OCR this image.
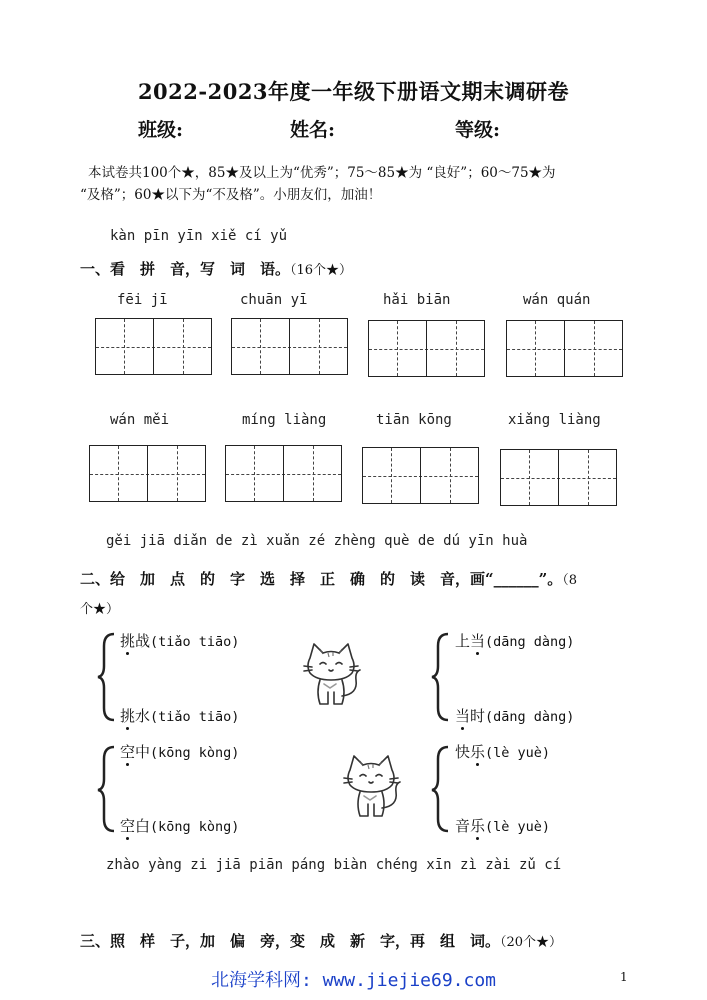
2022-2023年度一年级下册语文期末调研卷
班级:	姓名:	等级:
本试卷共100个★，85★及以上为“优秀”；75～85★为 “良好”；60～75★为
“及格”；60★以下为“不及格”。小朋友们，加油！
kàn pīn yīn xiě cí yǔ
一、看　拼　音，写　词　语。（16个★）
fēi jī	chuān yī	hǎi biān	wán quán
wán měi	míng liàng	tiān kōng	xiǎng liàng
gěi jiā diǎn de zì xuǎn zé zhèng què de dú yīn huà
二、给　加　点　的　字　选　择　正　确　的　读　音，画“______”。（8
个★）
挑战(tiǎo tiāo)
挑水(tiǎo tiāo)
上当(dāng dàng)
当时(dāng dàng)
空中(kōng kòng)
空白(kōng kòng)
快乐(lè yuè)
音乐(lè yuè)
zhào yàng zi jiā piān páng biàn chéng xīn zì zài zǔ cí
三、照　样　子，加　偏　旁，变　成　新　字，再　组　词。（20个★）
北海学科网: www.jiejie69.com	1
